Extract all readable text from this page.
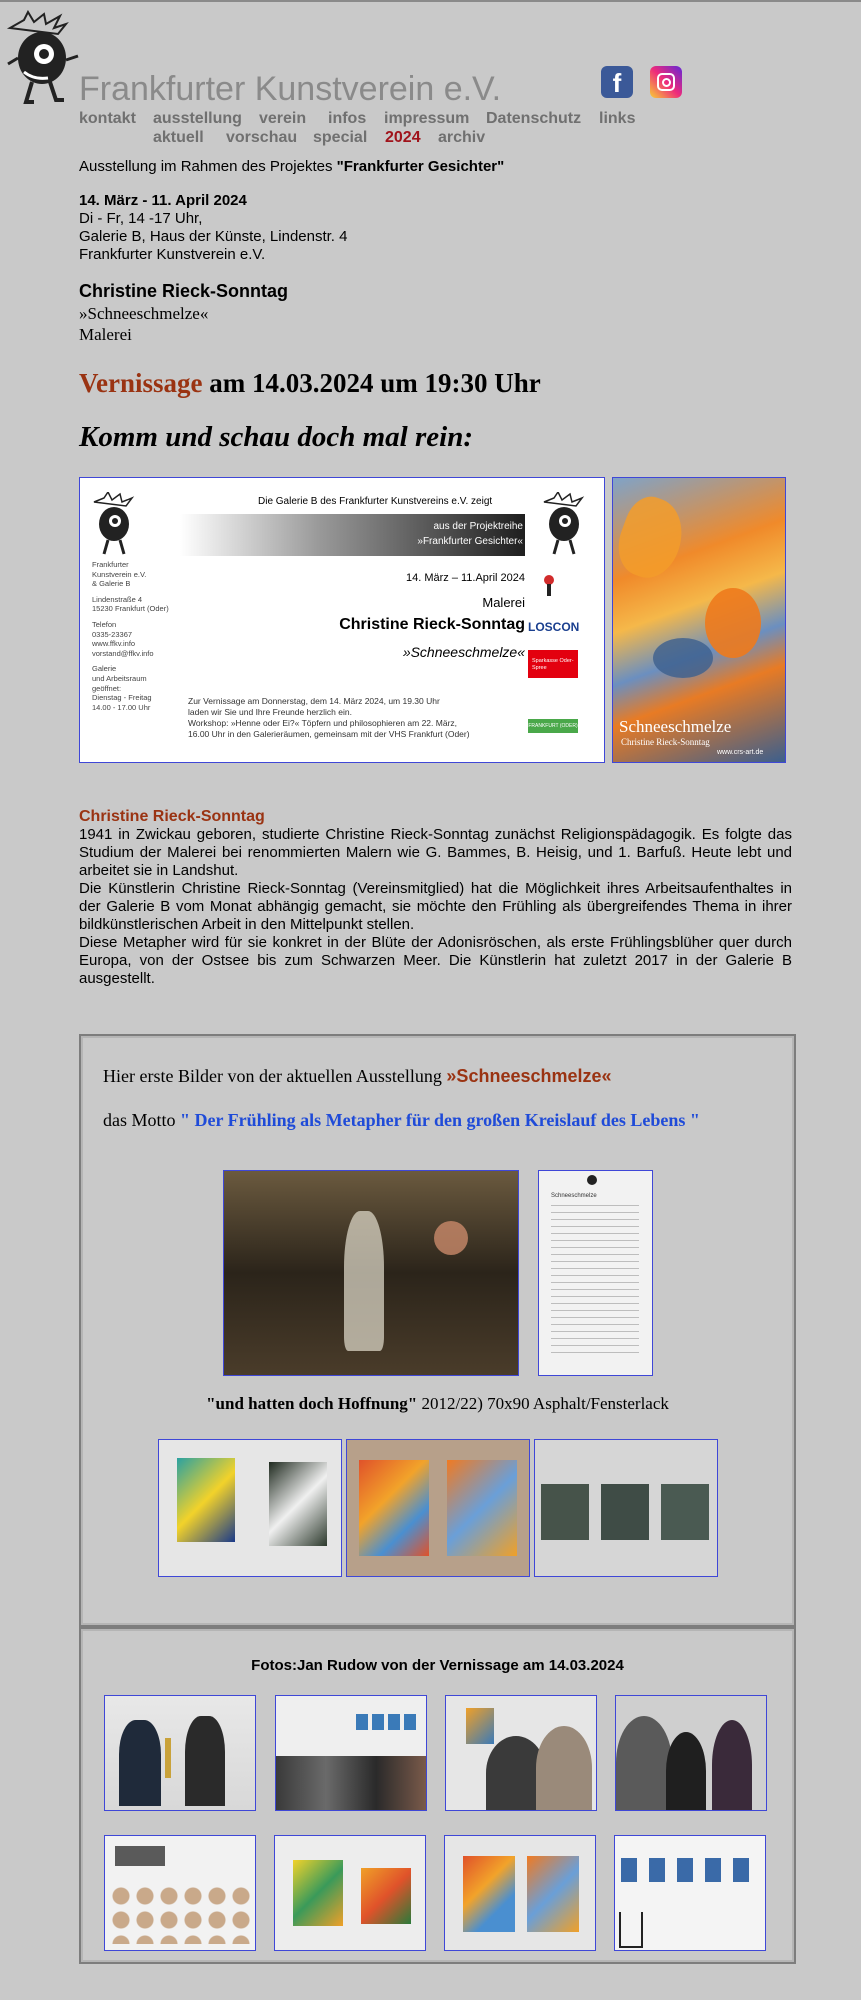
Frankfurter Kunstverein e.V.	f
kontakt ausstellung verein infos impressum Datenschutz links
aktuell vorschau special 2024 archiv
Ausstellung im Rahmen des Projektes "Frankfurter Gesichter"
14. März - 11. April 2024
Di - Fr, 14 -17 Uhr,
Galerie B, Haus der Künste, Lindenstr. 4
Frankfurter Kunstverein e.V.
Christine Rieck-Sonntag
»Schneeschmelze«
Malerei
Vernissage am 14.03.2024 um 19:30 Uhr
Komm und schau doch mal rein:
Die Galerie B des Frankfurter Kunstvereins e.V. zeigt
aus der Projektreihe
»Frankfurter Gesichter«
14. März – 11.April 2024
Malerei
Christine Rieck-Sonntag
»Schneeschmelze«
Frankfurter
Kunstverein e.V.
& Galerie B
Lindenstraße 4
15230 Frankfurt (Oder)
Telefon
0335-23367
www.ffkv.info
vorstand@ffkv.info
Galerie
und Arbeitsraum
geöffnet:
Dienstag - Freitag
14.00 - 17.00 Uhr
Zur Vernissage am Donnerstag, dem 14. März 2024, um 19.30 Uhr
laden wir Sie und Ihre Freunde herzlich ein.
Workshop: »Henne oder Ei?« Töpfern und philosophieren am 22. März,
16.00 Uhr in den Galerieräumen, gemeinsam mit der VHS Frankfurt (Oder)
LOSCON
Sparkasse Oder-Spree
FRANKFURT (ODER) Schneeschmelze
Christine Rieck-Sonntag
www.crs-art.de
Christine Rieck-Sonntag
1941 in Zwickau geboren, studierte Christine Rieck-Sonntag zunächst Religionspädagogik. Es folgte das Studium der Malerei bei renommierten Malern wie G. Bammes, B. Heisig, und 1. Barfuß. Heute lebt und arbeitet sie in Landshut.
Die Künstlerin Christine Rieck-Sonntag (Vereinsmitglied) hat die Möglichkeit ihres Arbeitsaufenthaltes in der Galerie B vom Monat abhängig gemacht, sie möchte den Frühling als übergreifendes Thema in ihrer bildkünstlerischen Arbeit in den Mittelpunkt stellen.
Diese Metapher wird für sie konkret in der Blüte der Adonisröschen, als erste Frühlingsblüher quer durch Europa, von der Ostsee bis zum Schwarzen Meer. Die Künstlerin hat zuletzt 2017 in der Galerie B ausgestellt.
Hier erste Bilder von der aktuellen Ausstellung »Schneeschmelze«
das Motto " Der Frühling als Metapher für den großen Kreislauf des Lebens "
Schneeschmelze
"und hatten doch Hoffnung" 2012/22) 70x90 Asphalt/Fensterlack
Fotos:Jan Rudow von der Vernissage am 14.03.2024
